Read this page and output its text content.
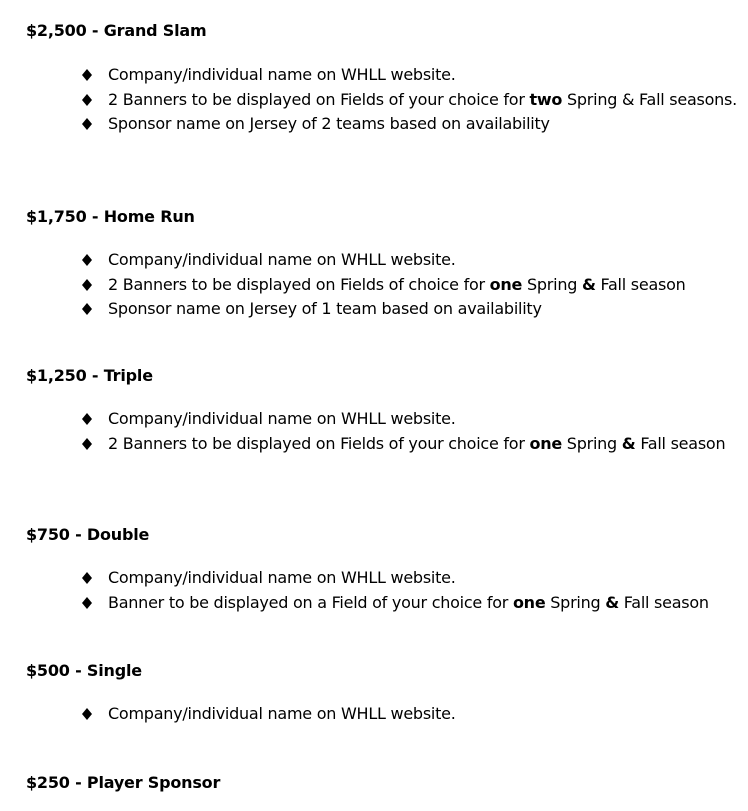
$2,500 - Grand Slam
Company/individual name on WHLL website.
2 Banners to be displayed on Fields of your choice for two Spring & Fall seasons.
Sponsor name on Jersey of 2 teams based on availability
$1,750 - Home Run
Company/individual name on WHLL website.
2 Banners to be displayed on Fields of choice for one Spring & Fall season
Sponsor name on Jersey of 1 team based on availability
$1,250 - Triple
Company/individual name on WHLL website.
2 Banners to be displayed on Fields of your choice for one Spring & Fall season
$750 - Double
Company/individual name on WHLL website.
Banner to be displayed on a Field of your choice for one Spring & Fall season
$500 - Single
Company/individual name on WHLL website.
$250 - Player Sponsor
